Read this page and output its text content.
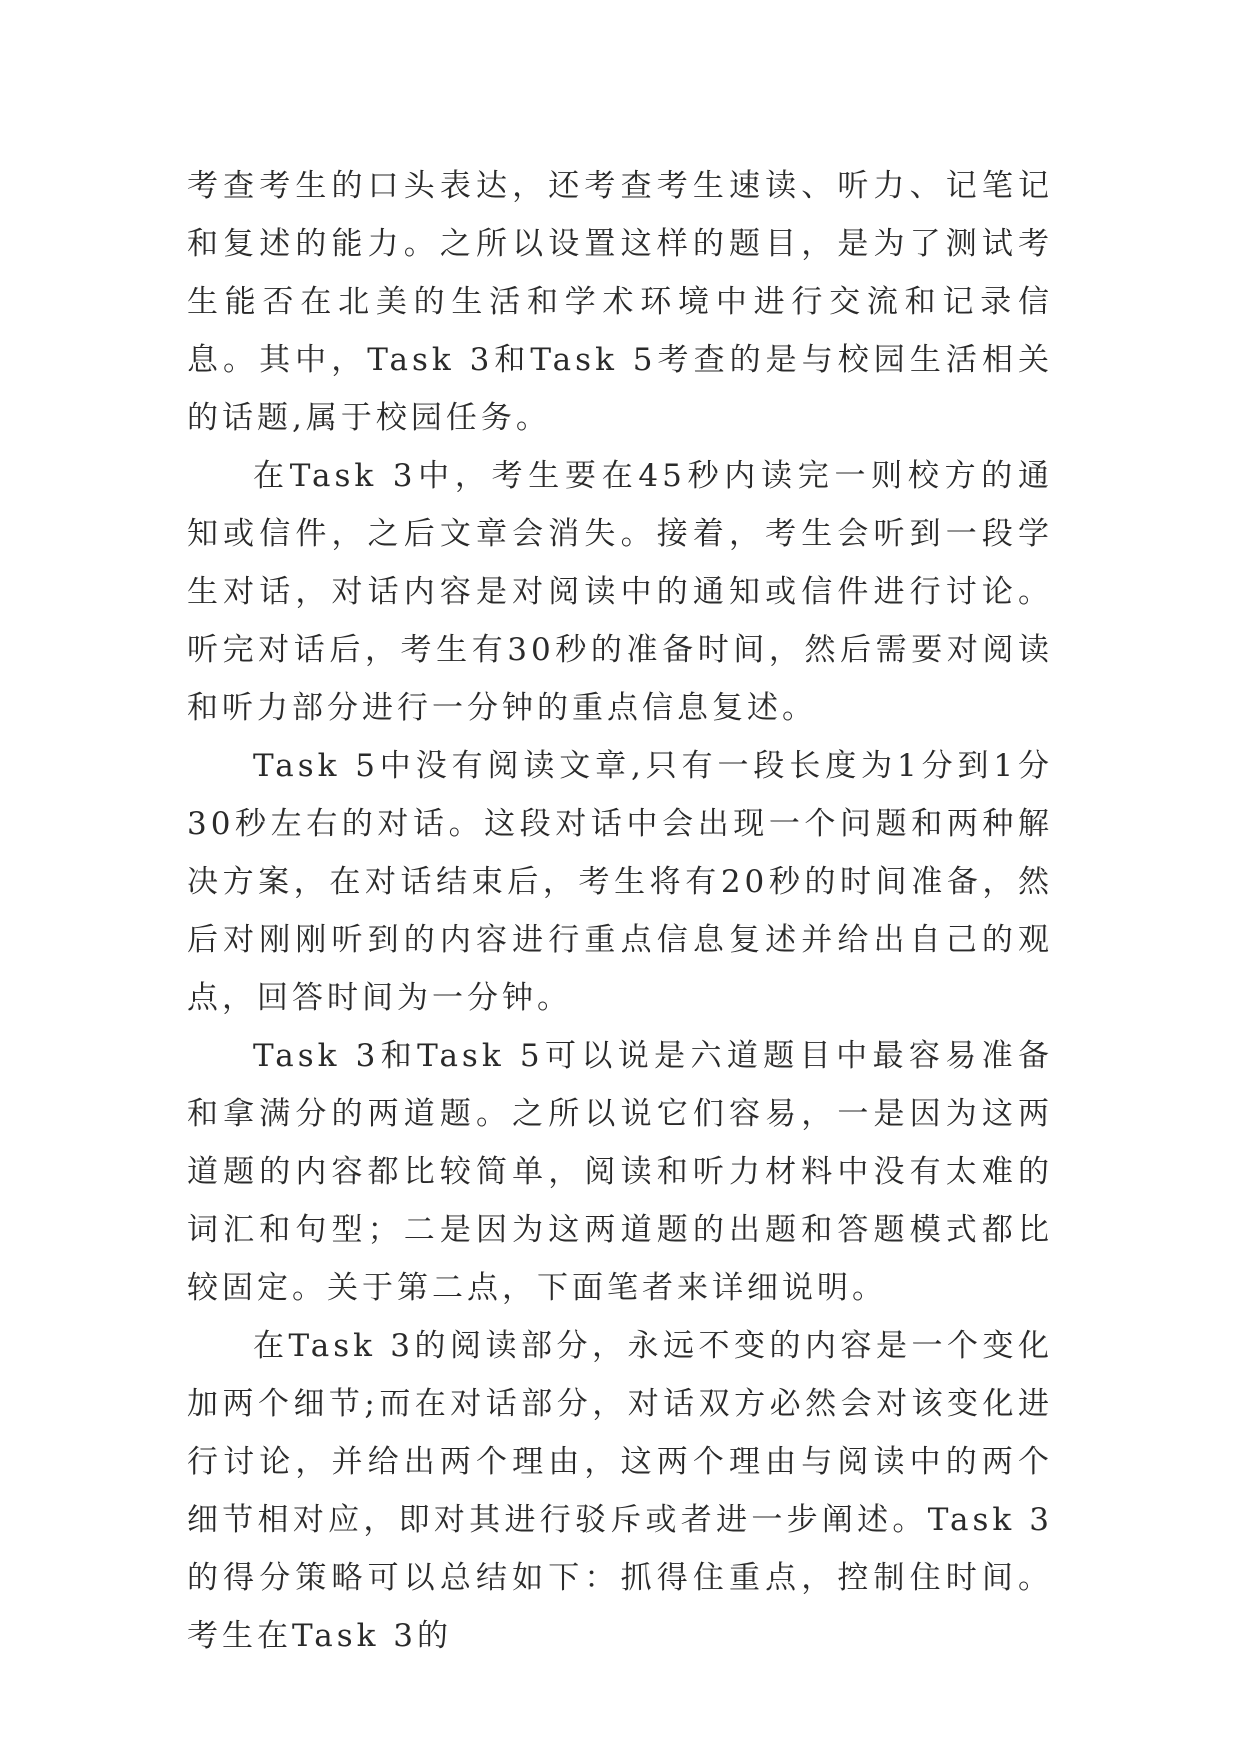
考查考生的口头表达，还考查考生速读、听力、记笔记和复述的能力。之所以设置这样的题目，是为了测试考生能否在北美的生活和学术环境中进行交流和记录信息。其中，Task 3和Task 5考查的是与校园生活相关的话题,属于校园任务。

在Task 3中，考生要在45秒内读完一则校方的通知或信件，之后文章会消失。接着，考生会听到一段学生对话，对话内容是对阅读中的通知或信件进行讨论。听完对话后，考生有30秒的准备时间，然后需要对阅读和听力部分进行一分钟的重点信息复述。

Task 5中没有阅读文章,只有一段长度为1分到1分30秒左右的对话。这段对话中会出现一个问题和两种解决方案，在对话结束后，考生将有20秒的时间准备，然后对刚刚听到的内容进行重点信息复述并给出自己的观点，回答时间为一分钟。

Task 3和Task 5可以说是六道题目中最容易准备和拿满分的两道题。之所以说它们容易，一是因为这两道题的内容都比较简单，阅读和听力材料中没有太难的词汇和句型；二是因为这两道题的出题和答题模式都比较固定。关于第二点，下面笔者来详细说明。

在Task 3的阅读部分，永远不变的内容是一个变化加两个细节;而在对话部分，对话双方必然会对该变化进行讨论，并给出两个理由，这两个理由与阅读中的两个细节相对应，即对其进行驳斥或者进一步阐述。Task 3的得分策略可以总结如下：抓得住重点，控制住时间。考生在Task 3的
